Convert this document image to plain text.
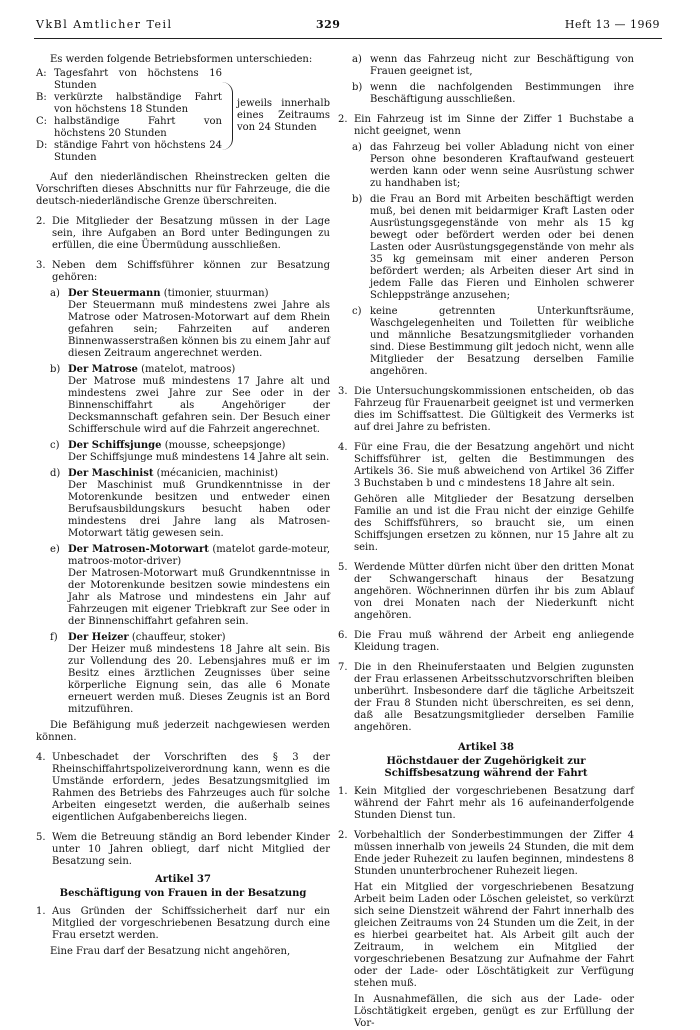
VkBl Amtlicher Teil	329	Heft 13 — 1969

Es werden folgende Betriebsformen unterschieden:

A: Tagesfahrt von höchstens 16 Stunden
B: verkürzte halbständige Fahrt von höchstens 18 Stunden
C: halbständige Fahrt von höchstens 20 Stunden
D: ständige Fahrt von höchstens 24 Stunden
jeweils innerhalb eines Zeitraums von 24 Stunden

Auf den niederländischen Rheinstrecken gelten die Vorschriften dieses Abschnitts nur für Fahrzeuge, die die deutsch-niederländische Grenze überschreiten.

2. Die Mitglieder der Besatzung müssen in der Lage sein, ihre Aufgaben an Bord unter Bedingungen zu erfüllen, die eine Übermüdung ausschließen.
3. Neben dem Schiffsführer können zur Besatzung gehören:
a) Der Steuermann (timonier, stuurman)

Der Steuermann muß mindestens zwei Jahre als Matrose oder Matrosen-Motorwart auf dem Rhein gefahren sein; Fahrzeiten auf anderen Binnenwasserstraßen können bis zu einem Jahr auf diesen Zeitraum angerechnet werden.

b) Der Matrose (matelot, matroos)

Der Matrose muß mindestens 17 Jahre alt und mindestens zwei Jahre zur See oder in der Binnenschiffahrt als Angehöriger der Decksmannschaft gefahren sein. Der Besuch einer Schifferschule wird auf die Fahrzeit angerechnet.

c) Der Schiffsjunge (mousse, scheepsjonge)

Der Schiffsjunge muß mindestens 14 Jahre alt sein.

d) Der Maschinist (mécanicien, machinist)

Der Maschinist muß Grundkenntnisse in der Motorenkunde besitzen und entweder einen Berufsausbildungskurs besucht haben oder mindestens drei Jahre lang als Matrosen-Motorwart tätig gewesen sein.

e) Der Matrosen-Motorwart (matelot garde-moteur, matroos-motor-driver)

Der Matrosen-Motorwart muß Grundkenntnisse in der Motorenkunde besitzen sowie mindestens ein Jahr als Matrose und mindestens ein Jahr auf Fahrzeugen mit eigener Triebkraft zur See oder in der Binnenschiffahrt gefahren sein.

f)	Der Heizer (chauffeur, stoker)

Der Heizer muß mindestens 18 Jahre alt sein. Bis zur Vollendung des 20. Lebensjahres muß er im Besitz eines ärztlichen Zeugnisses über seine körperliche Eignung sein, das alle 6 Monate erneuert werden muß. Dieses Zeugnis ist an Bord mitzuführen.

Die Befähigung muß jederzeit nachgewiesen werden können.

4. Unbeschadet der Vorschriften des § 3 der Rheinschiffahrtspolizeiverordnung kann, wenn es die Umstände erfordern, jedes Besatzungsmitglied im Rahmen des Betriebs des Fahrzeuges auch für solche Arbeiten eingesetzt werden, die außerhalb seines eigentlichen Aufgabenbereichs liegen.
5. Wem die Betreuung ständig an Bord lebender Kinder unter 10 Jahren obliegt, darf nicht Mitglied der Besatzung sein.
Artikel 37
Beschäftigung von Frauen in der Besatzung
1. Aus Gründen der Schiffssicherheit darf nur ein Mitglied der vorgeschriebenen Besatzung durch eine Frau ersetzt werden.

Eine Frau darf der Besatzung nicht angehören,

a) wenn das Fahrzeug nicht zur Beschäftigung von Frauen geeignet ist,
b) wenn die nachfolgenden Bestimmungen ihre Beschäftigung ausschließen.
2. Ein Fahrzeug ist im Sinne der Ziffer 1 Buchstabe a nicht geeignet, wenn
a) das Fahrzeug bei voller Abladung nicht von einer Person ohne besonderen Kraftaufwand gesteuert werden kann oder wenn seine Ausrüstung schwer zu handhaben ist;
b) die Frau an Bord mit Arbeiten beschäftigt werden muß, bei denen mit beidarmiger Kraft Lasten oder Ausrüstungsgegenstände von mehr als 15 kg bewegt oder befördert werden oder bei denen Lasten oder Ausrüstungsgegenstände von mehr als 35 kg gemeinsam mit einer anderen Person befördert werden; als Arbeiten dieser Art sind in jedem Falle das Fieren und Einholen schwerer Schleppstränge anzusehen;
c) keine getrennten Unterkunftsräume, Waschgelegenheiten und Toiletten für weibliche und männliche Besatzungsmitglieder vorhanden sind. Diese Bestimmung gilt jedoch nicht, wenn alle Mitglieder der Besatzung derselben Familie angehören.
3. Die Untersuchungskommissionen entscheiden, ob das Fahrzeug für Frauenarbeit geeignet ist und vermerken dies im Schiffsattest. Die Gültigkeit des Vermerks ist auf drei Jahre zu befristen.
4. Für eine Frau, die der Besatzung angehört und nicht Schiffsführer ist, gelten die Bestimmungen des Artikels 36. Sie muß abweichend von Artikel 36 Ziffer 3 Buchstaben b und c mindestens 18 Jahre alt sein.

Gehören alle Mitglieder der Besatzung derselben Familie an und ist die Frau nicht der einzige Gehilfe des Schiffsführers, so braucht sie, um einen Schiffsjungen ersetzen zu können, nur 15 Jahre alt zu sein.

5. Werdende Mütter dürfen nicht über den dritten Monat der Schwangerschaft hinaus der Besatzung angehören. Wöchnerinnen dürfen ihr bis zum Ablauf von drei Monaten nach der Niederkunft nicht angehören.
6. Die Frau muß während der Arbeit eng anliegende Kleidung tragen.
7. Die in den Rheinuferstaaten und Belgien zugunsten der Frau erlassenen Arbeitsschutzvorschriften bleiben unberührt. Insbesondere darf die tägliche Arbeitszeit der Frau 8 Stunden nicht überschreiten, es sei denn, daß alle Besatzungsmitglieder derselben Familie angehören.
Artikel 38
Höchstdauer der Zugehörigkeit zur Schiffsbesatzung während der Fahrt
1. Kein Mitglied der vorgeschriebenen Besatzung darf während der Fahrt mehr als 16 aufeinanderfolgende Stunden Dienst tun.
2. Vorbehaltlich der Sonderbestimmungen der Ziffer 4 müssen innerhalb von jeweils 24 Stunden, die mit dem Ende jeder Ruhezeit zu laufen beginnen, mindestens 8 Stunden ununterbrochener Ruhezeit liegen.

Hat ein Mitglied der vorgeschriebenen Besatzung Arbeit beim Laden oder Löschen geleistet, so verkürzt sich seine Dienstzeit während der Fahrt innerhalb des gleichen Zeitraums von 24 Stunden um die Zeit, in der es hierbei gearbeitet hat. Als Arbeit gilt auch der Zeitraum, in welchem ein Mitglied der vorgeschriebenen Besatzung zur Aufnahme der Fahrt oder der Lade- oder Löschtätigkeit zur Verfügung stehen muß.

In Ausnahmefällen, die sich aus der Lade- oder Löschtätigkeit ergeben, genügt es zur Erfüllung der Vor-
